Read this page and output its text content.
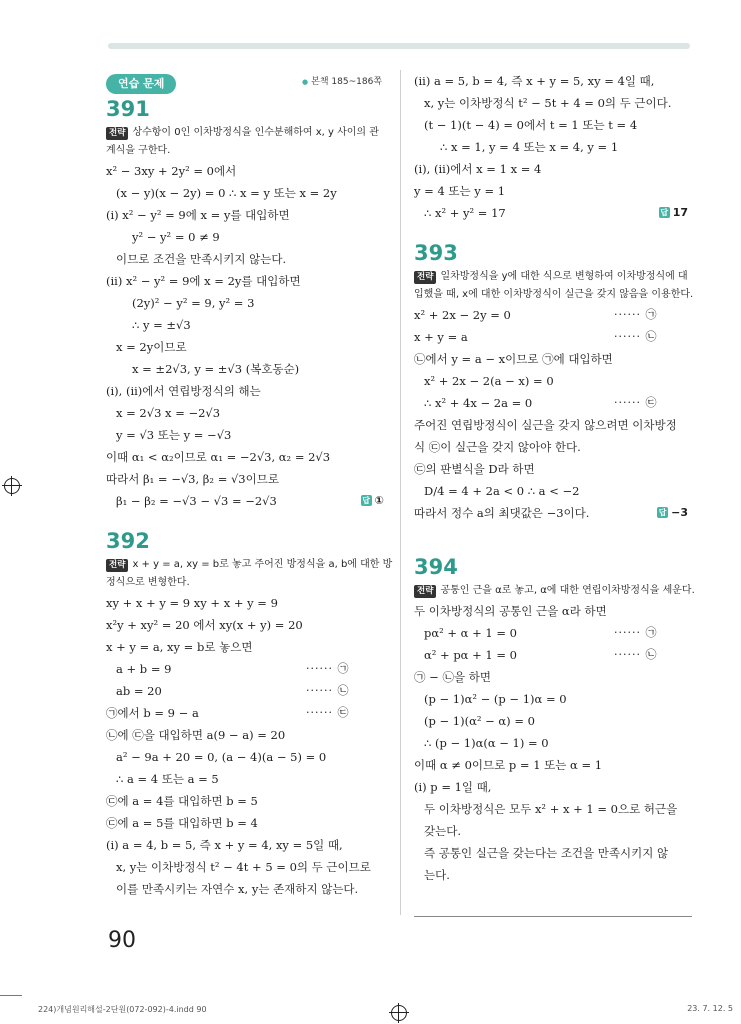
연습 문제
●	본책 185~186쪽
391
전략 상수항이 0인 이차방정식을 인수분해하여 x, y 사이의 관
계식을 구한다.
x² − 3xy + 2y² = 0에서
(x − y)(x − 2y) = 0 ∴ x = y 또는 x = 2y
(i) x² − y² = 9에 x = y를 대입하면
y² − y² = 0 ≠ 9
이므로 조건을 만족시키지 않는다.
(ii) x² − y² = 9에 x = 2y를 대입하면
(2y)² − y² = 9, y² = 3
∴ y = ±√3
x = 2y이므로
x = ±2√3, y = ±√3 (복호동순)
(i), (ii)에서 연립방정식의 해는
x = 2√3 x = −2√3
y = √3 또는 y = −√3
이때 α₁ < α₂이므로 α₁ = −2√3, α₂ = 2√3
따라서 β₁ = −√3, β₂ = √3이므로
β₁ − β₂ = −√3 − √3 = −2√3	답 ①
392
전략 x + y = a, xy = b로 놓고 주어진 방정식을 a, b에 대한 방
정식으로 변형한다.
xy + x + y = 9 xy + x + y = 9
x²y + xy² = 20 에서 xy(x + y) = 20
x + y = a, xy = b로 놓으면
a + b = 9	······ ㉠
ab = 20	······ ㉡
㉠에서 b = 9 − a	······ ㉢
㉡에 ㉢을 대입하면 a(9 − a) = 20
a² − 9a + 20 = 0, (a − 4)(a − 5) = 0
∴ a = 4 또는 a = 5
㉢에 a = 4를 대입하면 b = 5
㉢에 a = 5를 대입하면 b = 4
(i) a = 4, b = 5, 즉 x + y = 4, xy = 5일 때,
x, y는 이차방정식 t² − 4t + 5 = 0의 두 근이므로
이를 만족시키는 자연수 x, y는 존재하지 않는다.
(ii) a = 5, b = 4, 즉 x + y = 5, xy = 4일 때,
x, y는 이차방정식 t² − 5t + 4 = 0의 두 근이다.
(t − 1)(t − 4) = 0에서 t = 1 또는 t = 4
∴ x = 1, y = 4 또는 x = 4, y = 1
(i), (ii)에서 x = 1 x = 4
y = 4 또는 y = 1
∴ x² + y² = 17	답 17
393
전략 일차방정식을 y에 대한 식으로 변형하여 이차방정식에 대
입했을 때, x에 대한 이차방정식이 실근을 갖지 않음을 이용한다.
x² + 2x − 2y = 0	······ ㉠
x + y = a	······ ㉡
㉡에서 y = a − x이므로 ㉠에 대입하면
x² + 2x − 2(a − x) = 0
∴ x² + 4x − 2a = 0	······ ㉢
주어진 연립방정식이 실근을 갖지 않으려면 이차방정
식 ㉢이 실근을 갖지 않아야 한다.
㉢의 판별식을 D라 하면
D/4 = 4 + 2a < 0 ∴ a < −2
따라서 정수 a의 최댓값은 −3이다.	답 −3
394
전략 공통인 근을 α로 놓고, α에 대한 연립이차방정식을 세운다.
두 이차방정식의 공통인 근을 α라 하면
pα² + α + 1 = 0	······ ㉠
α² + pα + 1 = 0	······ ㉡
㉠ − ㉡을 하면
(p − 1)α² − (p − 1)α = 0
(p − 1)(α² − α) = 0
∴ (p − 1)α(α − 1) = 0
이때 α ≠ 0이므로 p = 1 또는 α = 1
(i) p = 1일 때,
두 이차방정식은 모두 x² + x + 1 = 0으로 허근을
갖는다.
즉 공통인 실근을 갖는다는 조건을 만족시키지 않
는다.
90
224)개념원리해설-2단원(072-092)-4.indd 90	23. 7. 12. 5
